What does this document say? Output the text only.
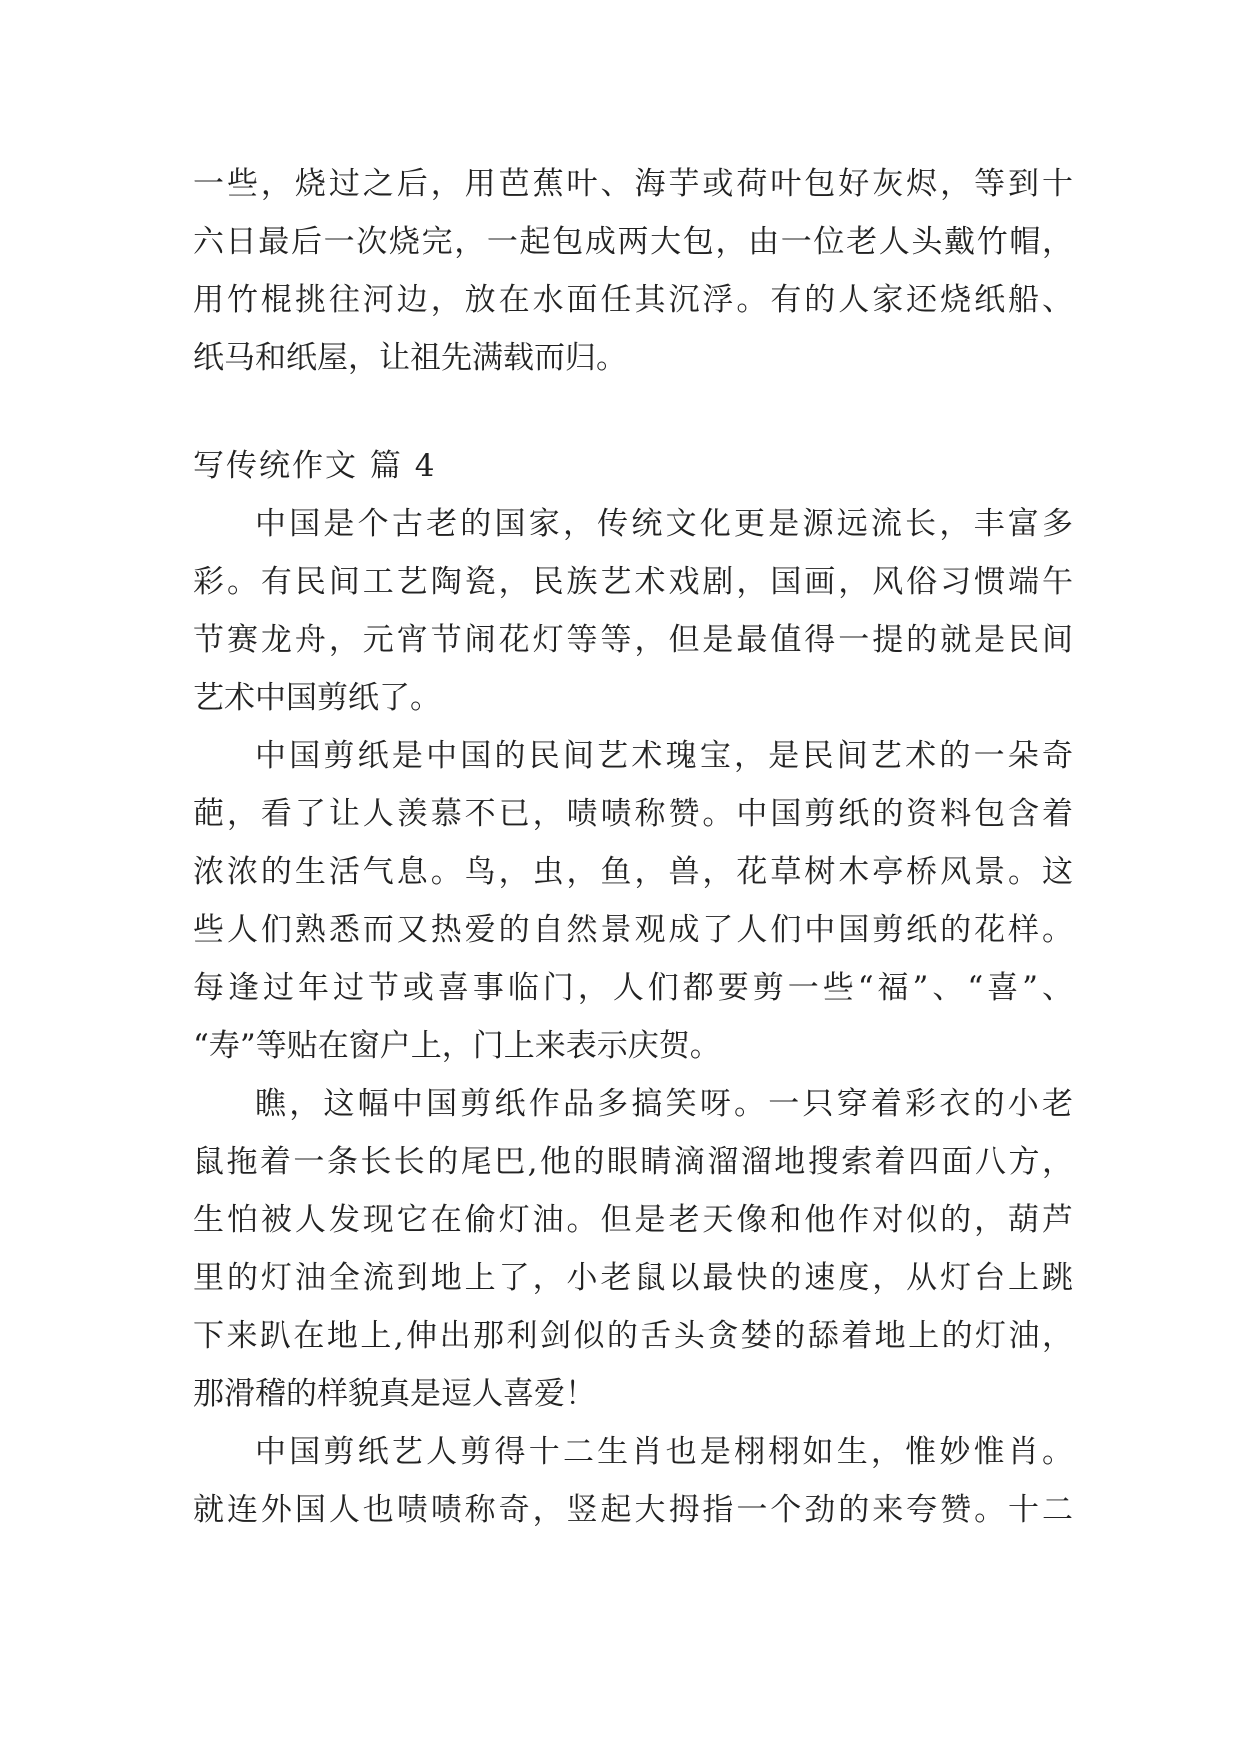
一些，烧过之后，用芭蕉叶、海芋或荷叶包好灰烬，等到十
六日最后一次烧完，一起包成两大包，由一位老人头戴竹帽，
用竹棍挑往河边，放在水面任其沉浮。有的人家还烧纸船、
纸马和纸屋，让祖先满载而归。
写传统作文 篇 4
中国是个古老的国家，传统文化更是源远流长，丰富多
彩。有民间工艺陶瓷，民族艺术戏剧，国画，风俗习惯端午
节赛龙舟，元宵节闹花灯等等，但是最值得一提的就是民间
艺术中国剪纸了。
中国剪纸是中国的民间艺术瑰宝，是民间艺术的一朵奇
葩，看了让人羡慕不已，啧啧称赞。中国剪纸的资料包含着
浓浓的生活气息。鸟，虫，鱼，兽，花草树木亭桥风景。这
些人们熟悉而又热爱的自然景观成了人们中国剪纸的花样。
每逢过年过节或喜事临门，人们都要剪一些“福”、“喜”、
“寿”等贴在窗户上，门上来表示庆贺。
瞧，这幅中国剪纸作品多搞笑呀。一只穿着彩衣的小老
鼠拖着一条长长的尾巴,他的眼睛滴溜溜地搜索着四面八方，
生怕被人发现它在偷灯油。但是老天像和他作对似的，葫芦
里的灯油全流到地上了，小老鼠以最快的速度，从灯台上跳
下来趴在地上,伸出那利剑似的舌头贪婪的舔着地上的灯油，
那滑稽的样貌真是逗人喜爱！
中国剪纸艺人剪得十二生肖也是栩栩如生，惟妙惟肖。
就连外国人也啧啧称奇，竖起大拇指一个劲的来夸赞。十二
